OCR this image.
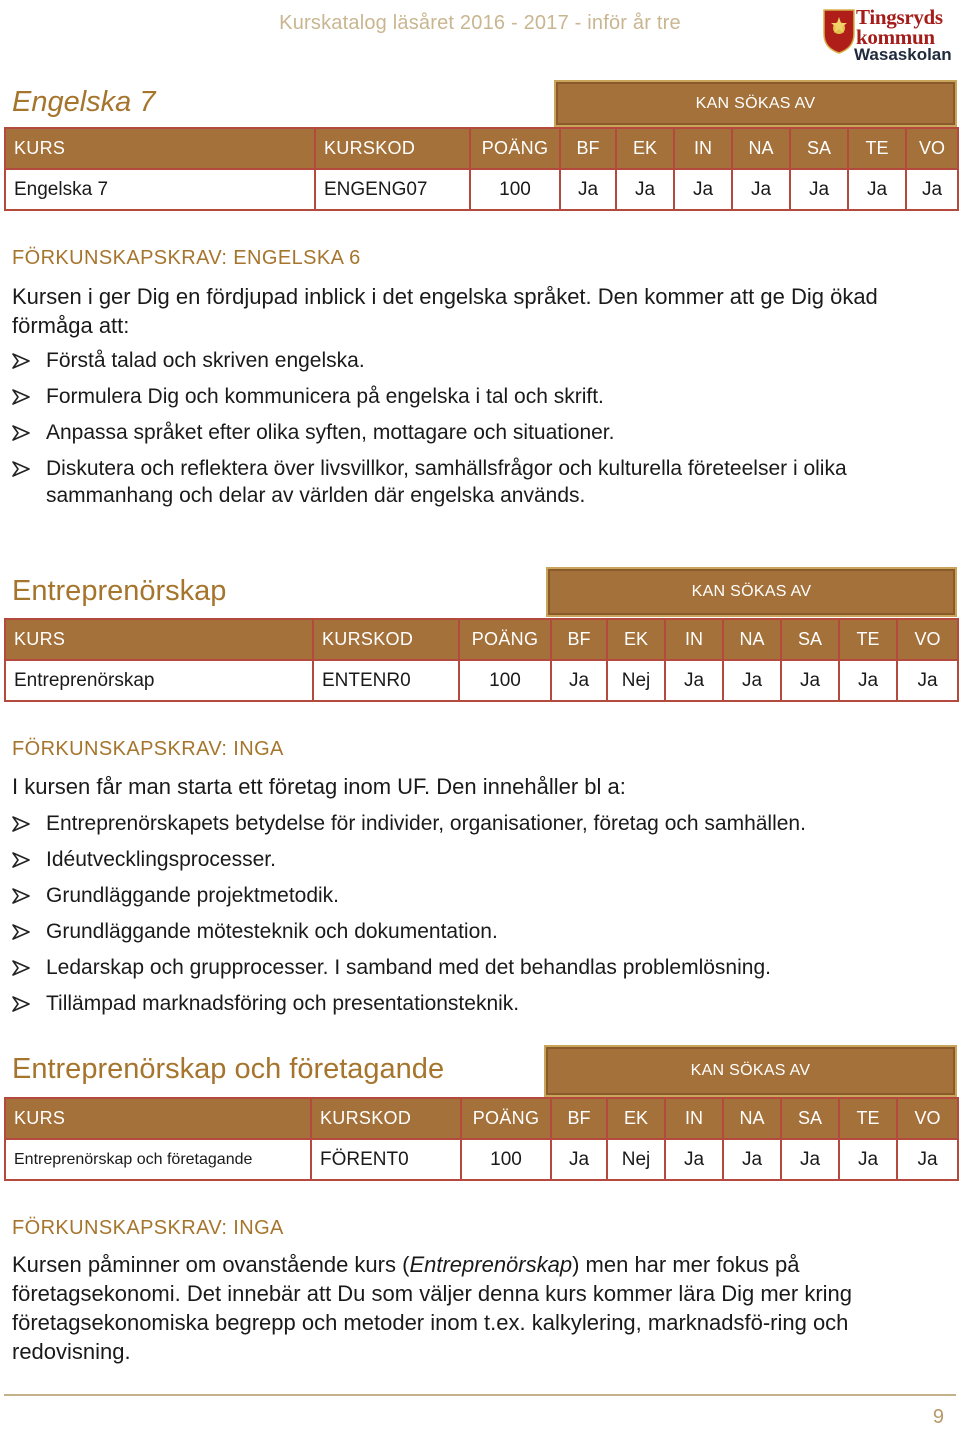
Kurskatalog läsåret 2016 - 2017 - inför år tre	Tingsryds
kommun
Wasaskolan
Engelska 7	KAN SÖKAS AV
KURS	KURSKOD	POÄNG	BF	EK	IN	NA	SA	TE	VO
Engelska 7	ENGENG07	100	Ja	Ja	Ja	Ja	Ja	Ja	Ja
FÖRKUNSKAPSKRAV: ENGELSKA 6
Kursen i ger Dig en fördjupad inblick i det engelska språket. Den kommer att ge Dig ökad förmåga att:
Förstå talad och skriven engelska.
Formulera Dig och kommunicera på engelska i tal och skrift.
Anpassa språket efter olika syften, mottagare och situationer.
Diskutera och reflektera över livsvillkor, samhällsfrågor och kulturella företeelser i olika sammanhang och delar av världen där engelska används.
Entreprenörskap	KAN SÖKAS AV
KURS	KURSKOD	POÄNG	BF	EK	IN	NA	SA	TE	VO
Entreprenörskap	ENTENR0	100	Ja	Nej	Ja	Ja	Ja	Ja	Ja
FÖRKUNSKAPSKRAV: INGA
I kursen får man starta ett företag inom UF. Den innehåller bl a:
Entreprenörskapets betydelse för individer, organisationer, företag och samhällen.
Idéutvecklingsprocesser.
Grundläggande projektmetodik.
Grundläggande mötesteknik och dokumentation.
Ledarskap och grupprocesser. I samband med det behandlas problemlösning.
Tillämpad marknadsföring och presentationsteknik.
Entreprenörskap och företagande	KAN SÖKAS AV
KURS	KURSKOD	POÄNG	BF	EK	IN	NA	SA	TE	VO
Entreprenörskap och företagande	FÖRENT0	100	Ja	Nej	Ja	Ja	Ja	Ja	Ja
FÖRKUNSKAPSKRAV: INGA
Kursen påminner om ovanstående kurs (Entreprenörskap) men har mer fokus på företagsekonomi. Det innebär att Du som väljer denna kurs kommer lära Dig mer kring företagsekonomiska begrepp och metoder inom t.ex. kalkylering, marknadsfö-ring och redovisning.
9
